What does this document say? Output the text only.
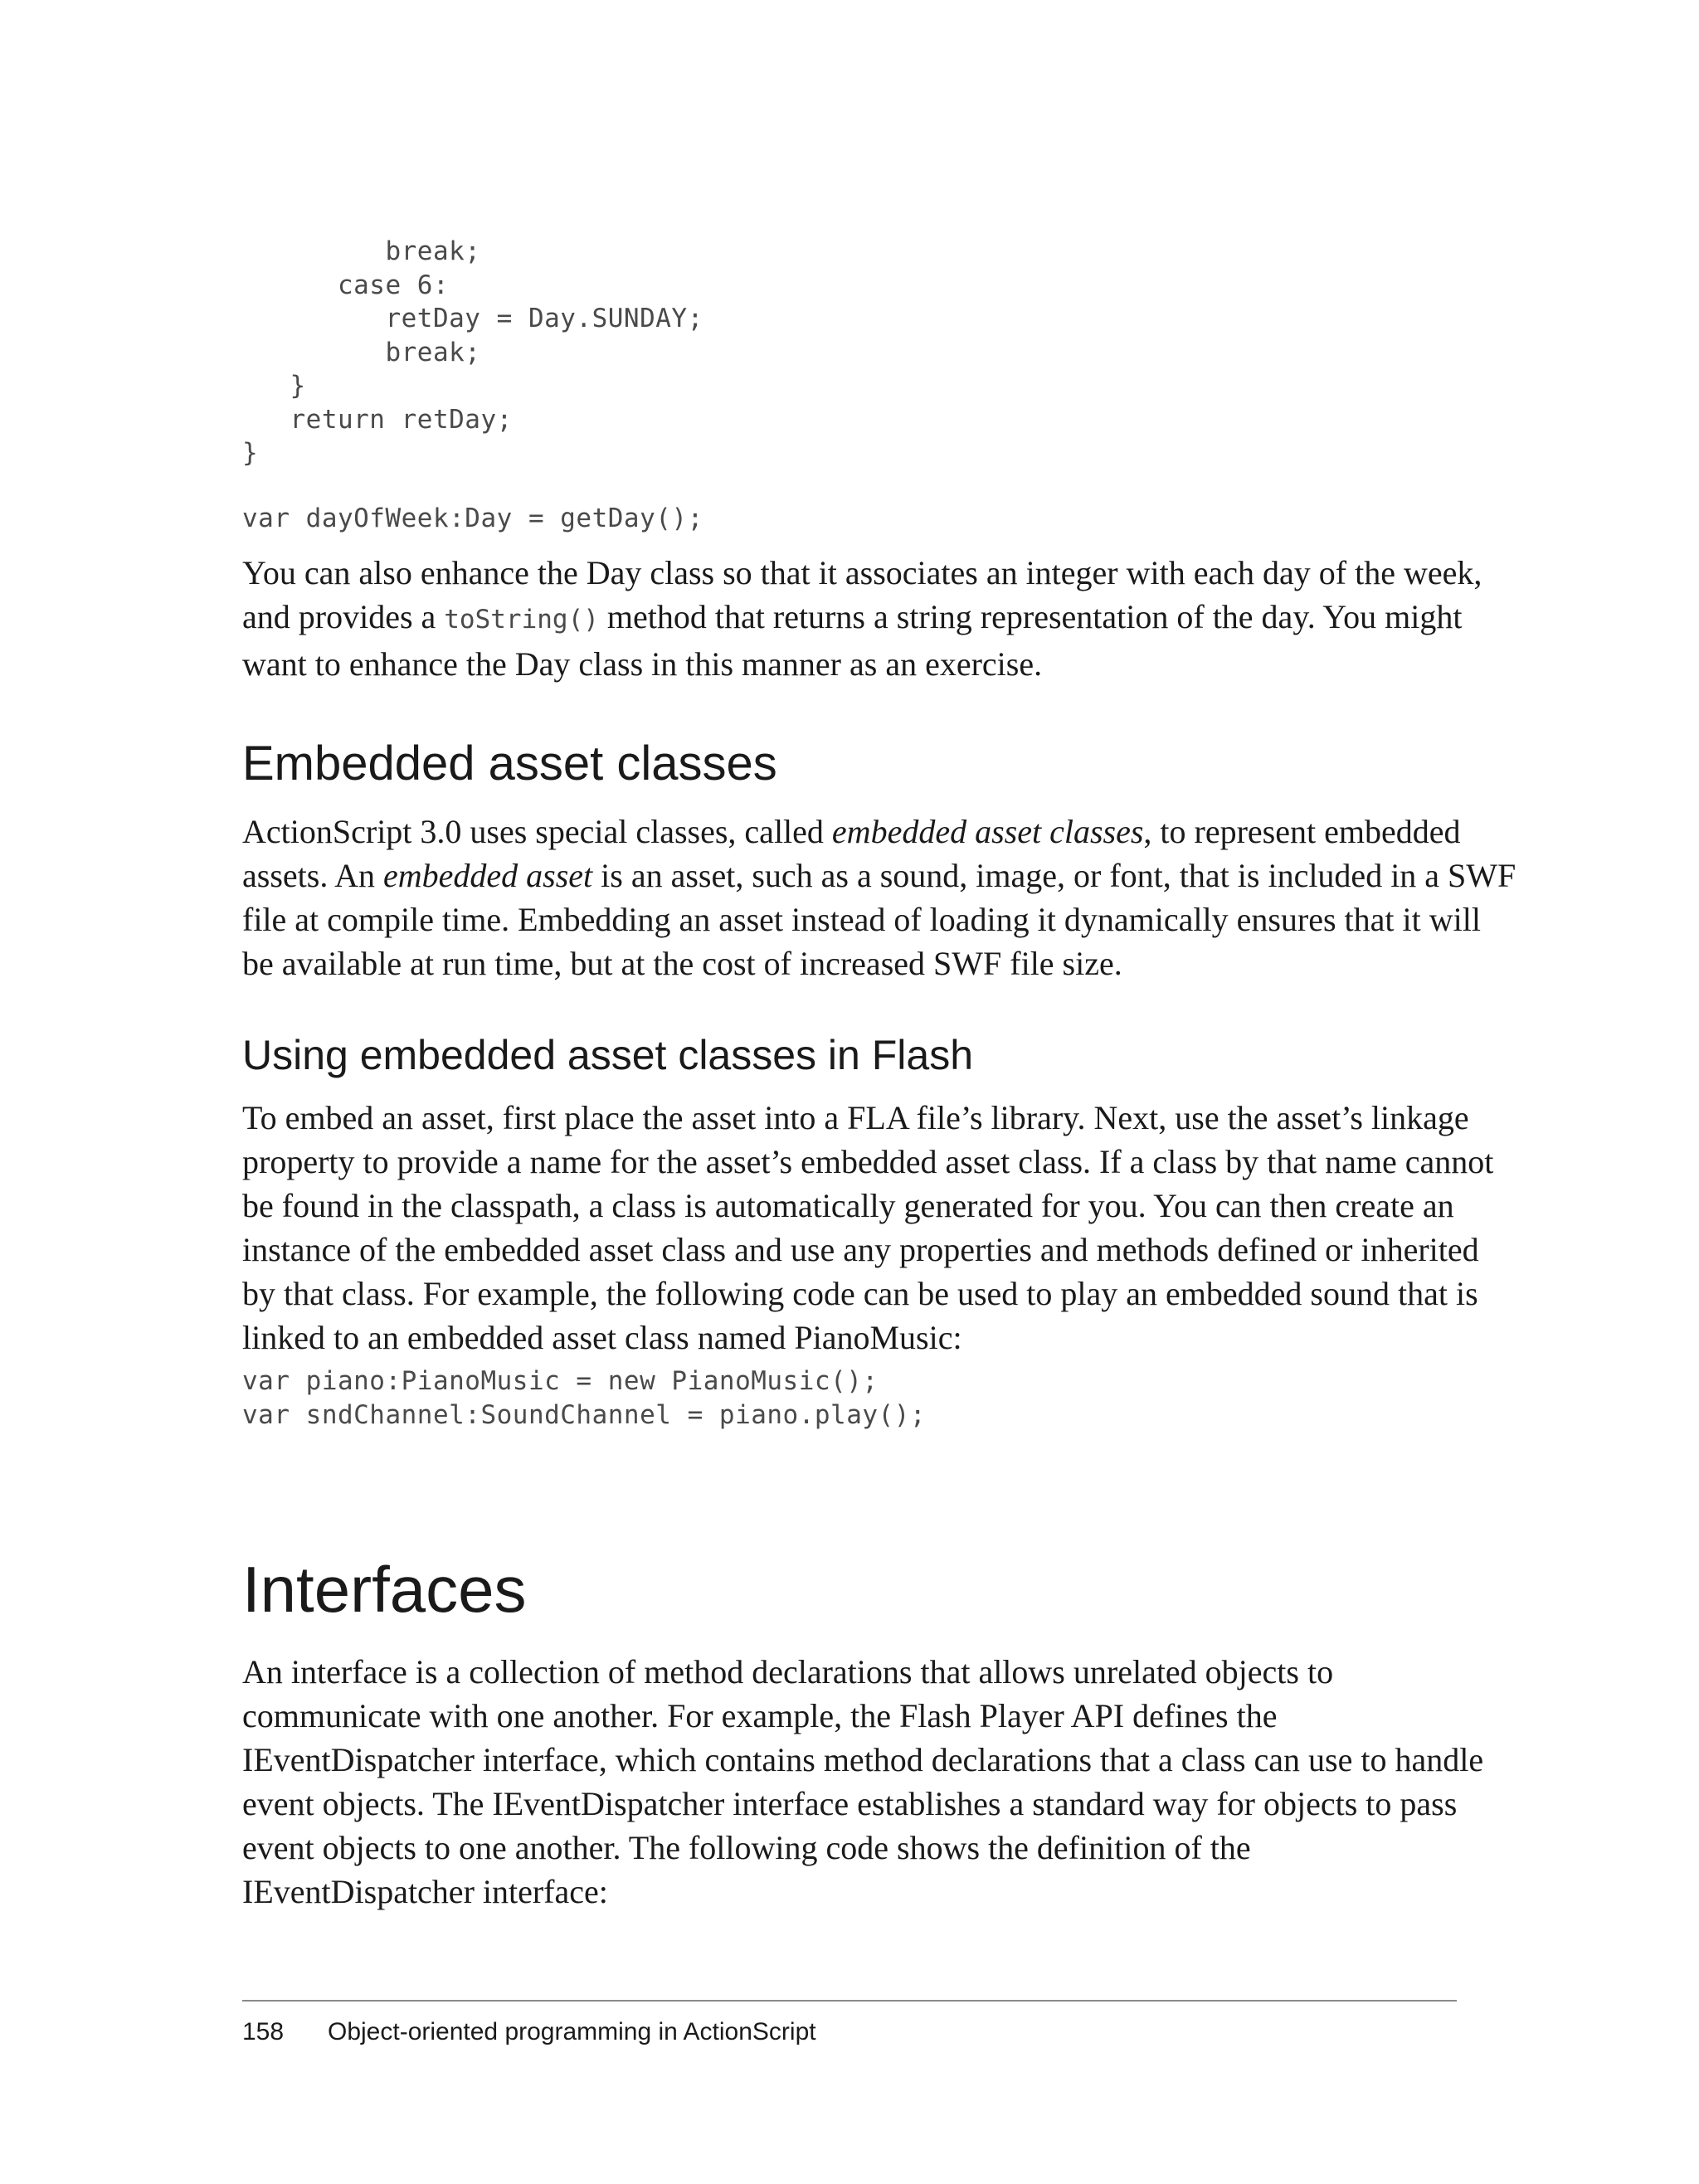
break;
case 6:
retDay = Day.SUNDAY;
break;
}
return retDay;
}
var dayOfWeek:Day = getDay();

You can also enhance the Day class so that it associates an integer with each day of the week,
and provides a toString() method that returns a string representation of the day. You might
want to enhance the Day class in this manner as an exercise.

Embedded asset classes

ActionScript 3.0 uses special classes, called embedded asset classes, to represent embedded
assets. An embedded asset is an asset, such as a sound, image, or font, that is included in a SWF
file at compile time. Embedding an asset instead of loading it dynamically ensures that it will
be available at run time, but at the cost of increased SWF file size.

Using embedded asset classes in Flash

To embed an asset, first place the asset into a FLA file’s library. Next, use the asset’s linkage
property to provide a name for the asset’s embedded asset class. If a class by that name cannot
be found in the classpath, a class is automatically generated for you. You can then create an
instance of the embedded asset class and use any properties and methods defined or inherited
by that class. For example, the following code can be used to play an embedded sound that is
linked to an embedded asset class named PianoMusic:

var piano:PianoMusic = new PianoMusic();
var sndChannel:SoundChannel = piano.play();
Interfaces

An interface is a collection of method declarations that allows unrelated objects to
communicate with one another. For example, the Flash Player API defines the
IEventDispatcher interface, which contains method declarations that a class can use to handle
event objects. The IEventDispatcher interface establishes a standard way for objects to pass
event objects to one another. The following code shows the definition of the
IEventDispatcher interface:

158 Object-oriented programming in ActionScript
